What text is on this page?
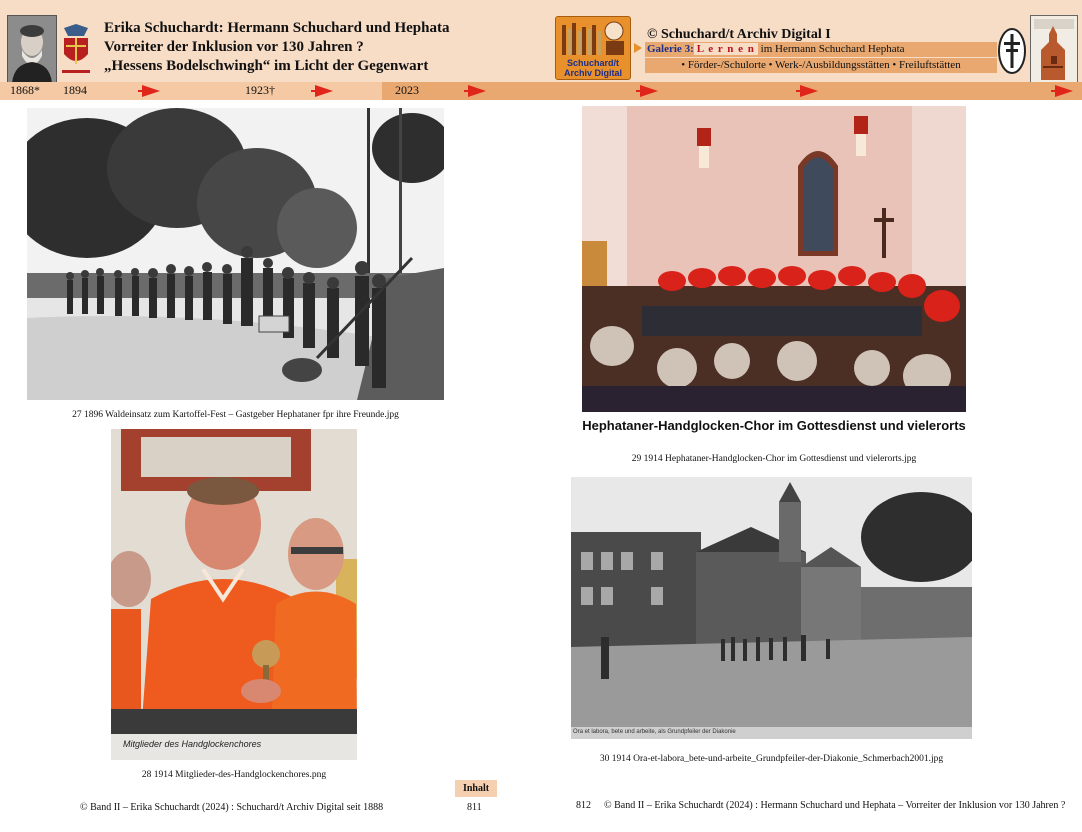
Erika Schuchardt: Hermann Schuchard und Hephata
Vorreiter der Inklusion vor 130 Jahren ?
„Hessens Bodelschwingh“ im Licht der Gegenwart	Schuchard/t
Archiv Digital
© Schuchard/t Archiv Digital I
Galerie 3: L e r n e n im Hermann Schuchard Hephata
• Förder-/Schulorte • Werk-/Ausbildungsstätten • Freiluftstätten
1868* 1894	1923†	2023
27 1896 Waldeinsatz zum Kartoffel-Fest – Gastgeber Hephataner fpr ihre Freunde.jpg
Hephataner-Handglocken-Chor im Gottesdienst und vielerorts
29 1914 Hephataner-Handglocken-Chor im Gottesdienst und vielerorts.jpg
Mitglieder des Handglockenchores
28 1914 Mitglieder-des-Handglockenchores.png
Ora et labora, bete und arbeite, als Grundpfeiler der Diakonie
30 1914 Ora-et-labora_bete-und-arbeite_Grundpfeiler-der-Diakonie_Schmerbach2001.jpg
Inhalt
© Band II – Erika Schuchardt (2024) : Schuchard/t Archiv Digital seit 1888	811	812 © Band II – Erika Schuchardt (2024) : Hermann Schuchard und Hephata – Vorreiter der Inklusion vor 130 Jahren ?
